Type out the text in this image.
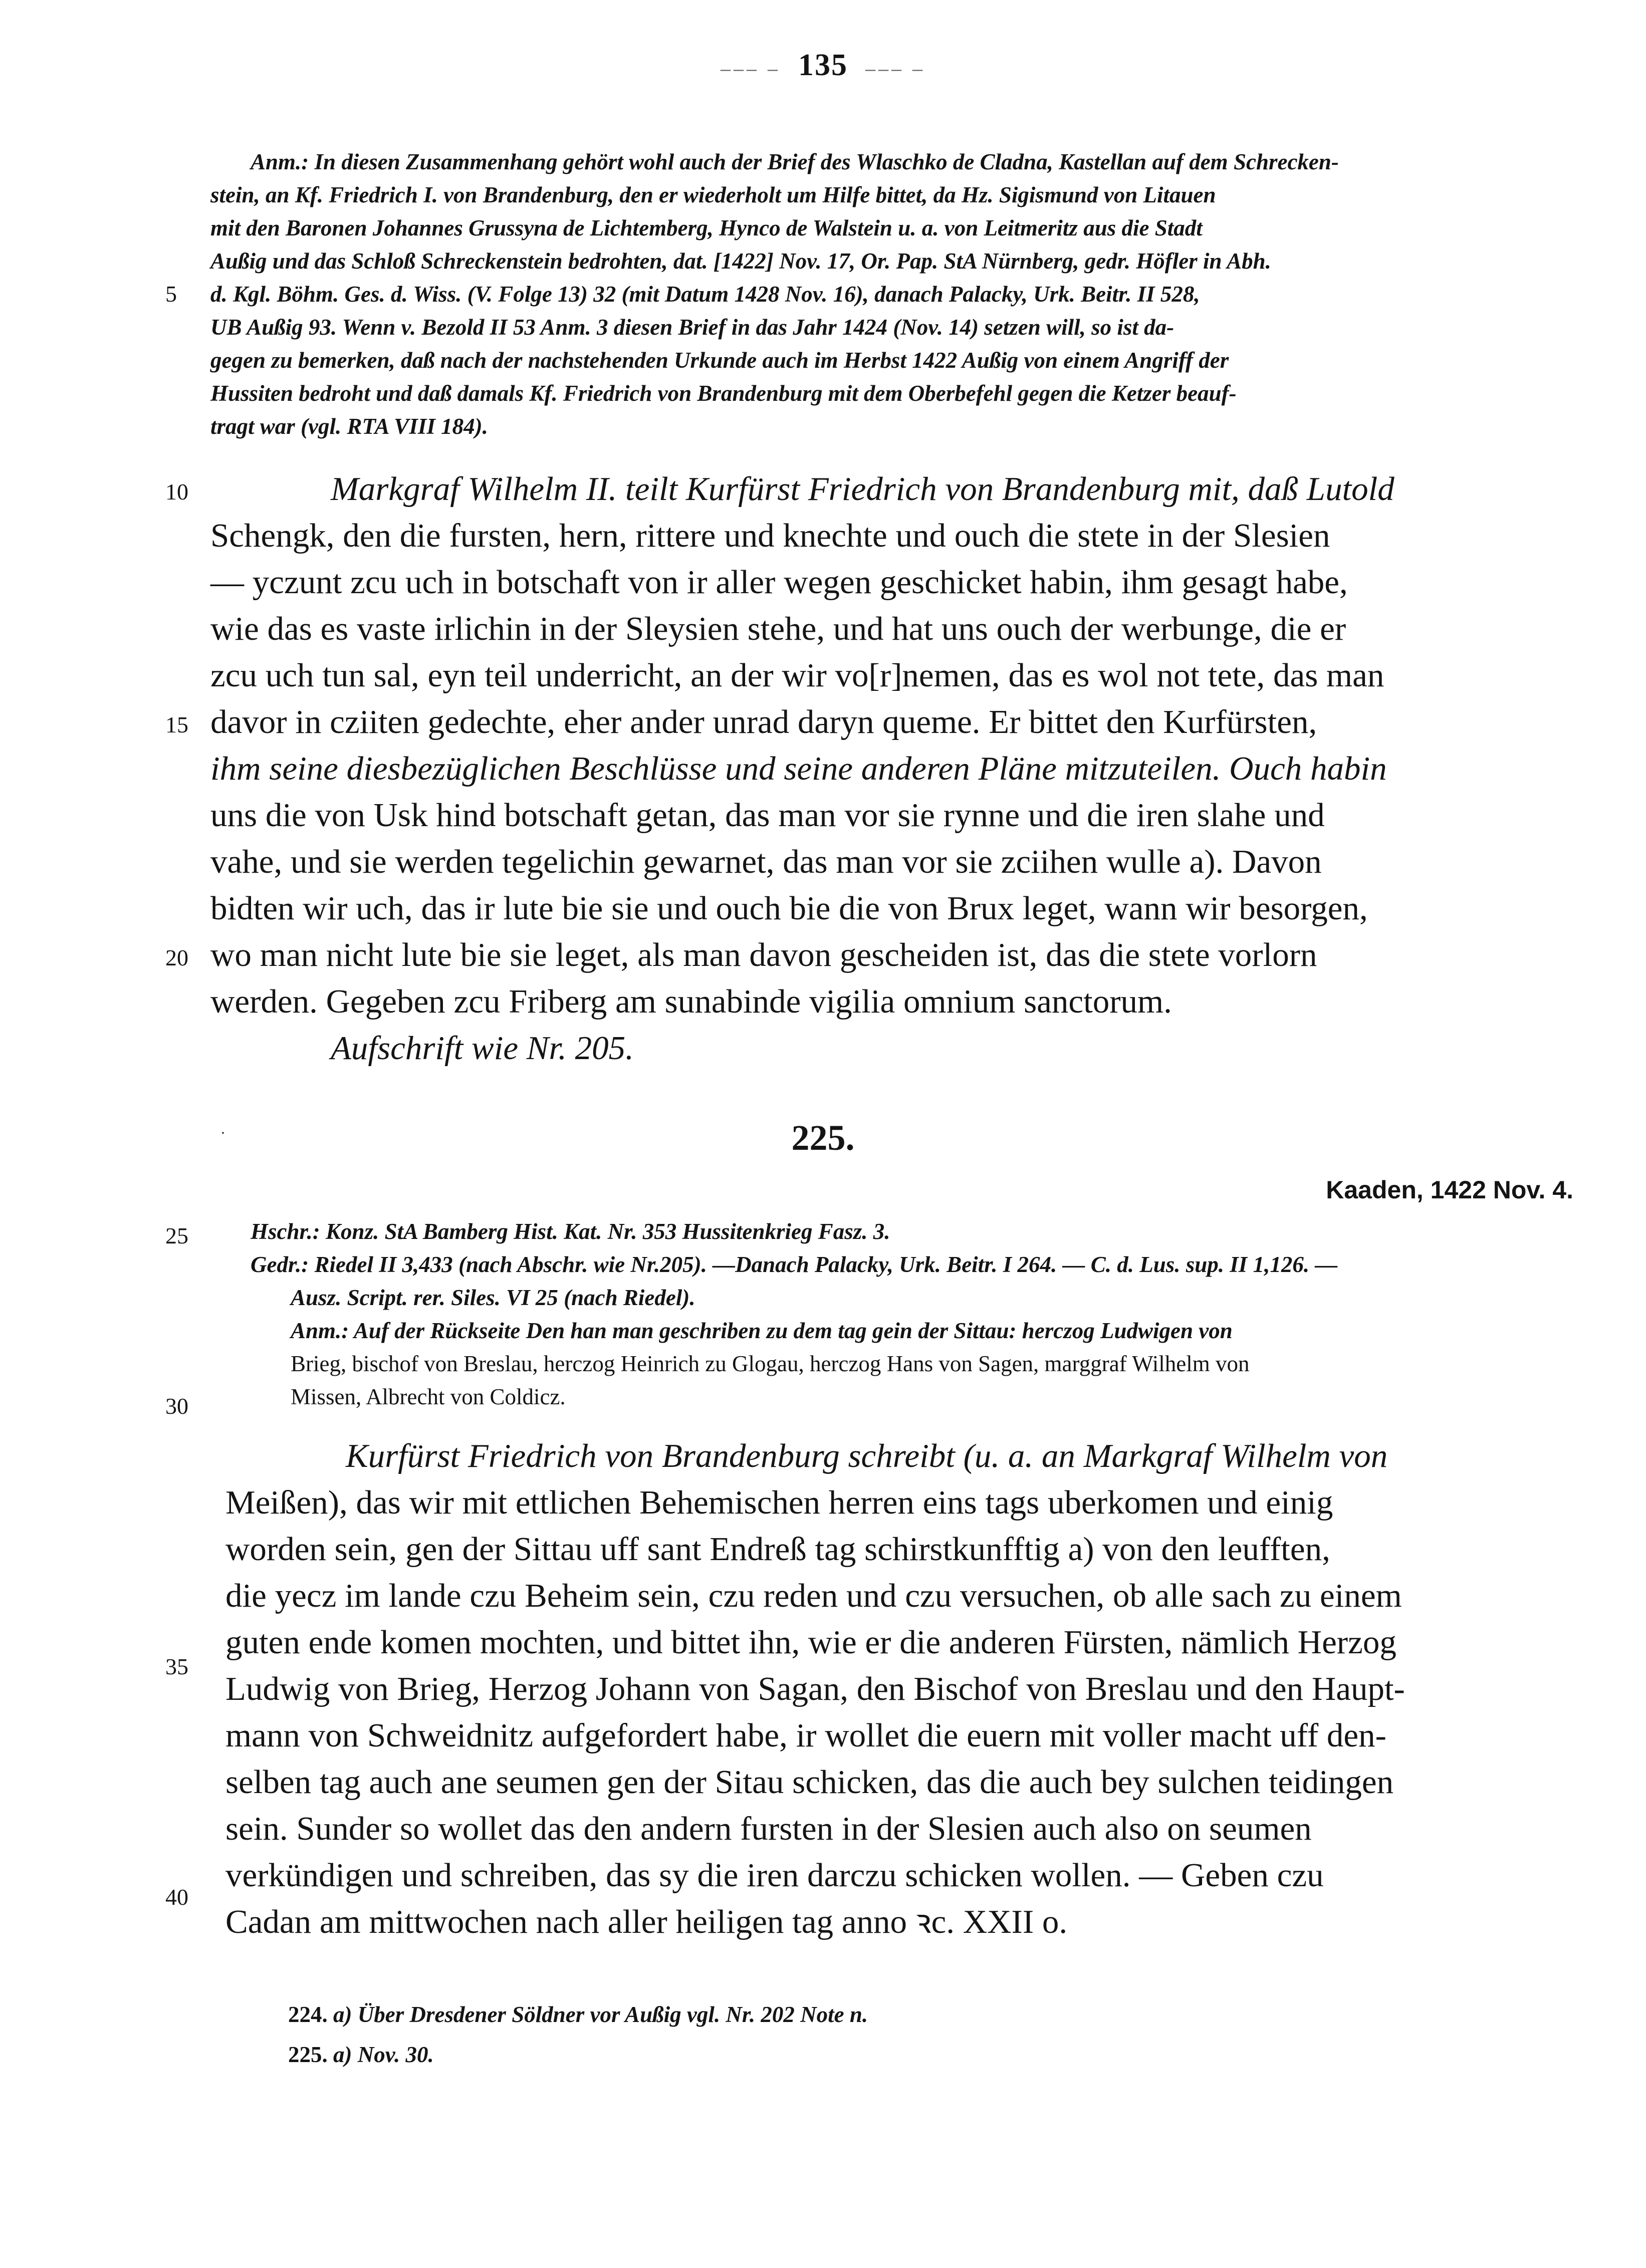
––– – 135 ––– –
5
10
15
20
25
30
35
40

Anm.: In diesen Zusammenhang gehört wohl auch der Brief des Wlaschko de Cladna, Kastellan auf dem Schrecken-

stein, an Kf. Friedrich I. von Brandenburg, den er wiederholt um Hilfe bittet, da Hz. Sigismund von Litauen

mit den Baronen Johannes Grussyna de Lichtemberg, Hynco de Walstein u. a. von Leitmeritz aus die Stadt

Außig und das Schloß Schreckenstein bedrohten, dat. [1422] Nov. 17, Or. Pap. StA Nürnberg, gedr. Höfler in Abh.

d. Kgl. Böhm. Ges. d. Wiss. (V. Folge 13) 32 (mit Datum 1428 Nov. 16), danach Palacky, Urk. Beitr. II 528,

UB Außig 93. Wenn v. Bezold II 53 Anm. 3 diesen Brief in das Jahr 1424 (Nov. 14) setzen will, so ist da-

gegen zu bemerken, daß nach der nachstehenden Urkunde auch im Herbst 1422 Außig von einem Angriff der

Hussiten bedroht und daß damals Kf. Friedrich von Brandenburg mit dem Oberbefehl gegen die Ketzer beauf-

tragt war (vgl. RTA VIII 184).

Markgraf Wilhelm II. teilt Kurfürst Friedrich von Brandenburg mit, daß Lutold

Schengk, den die fursten, hern, rittere und knechte und ouch die stete in der Slesien

— yczunt zcu uch in botschaft von ir aller wegen geschicket habin, ihm gesagt habe,

wie das es vaste irlichin in der Sleysien stehe, und hat uns ouch der werbunge, die er

zcu uch tun sal, eyn teil underricht, an der wir vo[r]nemen, das es wol not tete, das man

davor in cziiten gedechte, eher ander unrad daryn queme. Er bittet den Kurfürsten,

ihm seine diesbezüglichen Beschlüsse und seine anderen Pläne mitzuteilen. Ouch habin

uns die von Usk hind botschaft getan, das man vor sie rynne und die iren slahe und

vahe, und sie werden tegelichin gewarnet, das man vor sie zciihen wulle a). Davon

bidten wir uch, das ir lute bie sie und ouch bie die von Brux leget, wann wir besorgen,

wo man nicht lute bie sie leget, als man davon gescheiden ist, das die stete vorlorn

werden. Gegeben zcu Friberg am sunabinde vigilia omnium sanctorum.

Aufschrift wie Nr. 205.

·	225.
Kaaden, 1422 Nov. 4.

Hschr.: Konz. StA Bamberg Hist. Kat. Nr. 353 Hussitenkrieg Fasz. 3.

Gedr.: Riedel II 3,433 (nach Abschr. wie Nr.205). —Danach Palacky, Urk. Beitr. I 264. — C. d. Lus. sup. II 1,126. —

Ausz. Script. rer. Siles. VI 25 (nach Riedel).

Anm.: Auf der Rückseite Den han man geschriben zu dem tag gein der Sittau: herczog Ludwigen von

Brieg, bischof von Breslau, herczog Heinrich zu Glogau, herczog Hans von Sagen, marggraf Wilhelm von

Missen, Albrecht von Coldicz.

Kurfürst Friedrich von Brandenburg schreibt (u. a. an Markgraf Wilhelm von

Meißen), das wir mit ettlichen Behemischen herren eins tags uberkomen und einig

worden sein, gen der Sittau uff sant Endreß tag schirstkunfftig a) von den leufften,

die yecz im lande czu Beheim sein, czu reden und czu versuchen, ob alle sach zu einem

guten ende komen mochten, und bittet ihn, wie er die anderen Fürsten, nämlich Herzog

Ludwig von Brieg, Herzog Johann von Sagan, den Bischof von Breslau und den Haupt-

mann von Schweidnitz aufgefordert habe, ir wollet die euern mit voller macht uff den-

selben tag auch ane seumen gen der Sitau schicken, das die auch bey sulchen teidingen

sein. Sunder so wollet das den andern fursten in der Slesien auch also on seumen

verkündigen und schreiben, das sy die iren darczu schicken wollen. — Geben czu

Cadan am mittwochen nach aller heiligen tag anno ꝛc. XXII o.

224. a) Über Dresdener Söldner vor Außig vgl. Nr. 202 Note n.
225. a) Nov. 30.
